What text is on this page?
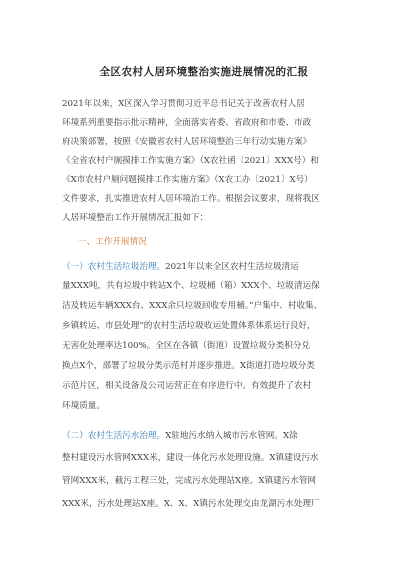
全区农村人居环境整治实施进展情况的汇报
2021年以来，X区深入学习贯彻习近平总书记关于改善农村人居
环境系列重要指示批示精神，全面落实省委、省政府和市委、市政
府决策部署，按照《安徽省农村人居环境整治三年行动实施方案》
《全省农村户厕摸排工作实施方案》（X农社函〔2021〕XXX号）和
《X市农村户厕问题摸排工作实施方案》（X农工办〔2021〕X号）
文件要求，扎实推进农村人居环境治工作。根据会议要求，现将我区
人居环境整治工作开展情况汇报如下：
一、工作开展情况
（一）农村生活垃圾治理。2021年以来全区农村生活垃圾清运
量XXX吨，共有垃圾中转站X个、垃圾桶（箱）XXX个、垃圾清运保
洁及转运车辆XXX台、XXX余只垃圾回收专用桶。”户集中、村收集、
乡镇转运、市县处理”的农村生活垃圾收运处置体系体系运行良好，
无害化处理率达100%。全区在各镇（街道）设置垃圾分类积分兑
换点X个，部署了垃圾分类示范村并逐步推进。X街道打造垃圾分类
示范片区，相关设备及公司运营正在有序进行中。有效提升了农村
环境质量。
（二）农村生活污水治理。X驻地污水纳入城市污水管网。X徐
整村建设污水管网XXX米，建设一体化污水处理设施。X镇建设污水
管网XXX米，截污工程三处，完成污水处理站X座。X镇建污水管网
XXX米，污水处理站X座。X、X、X镇污水处理交由龙湖污水处理厂
